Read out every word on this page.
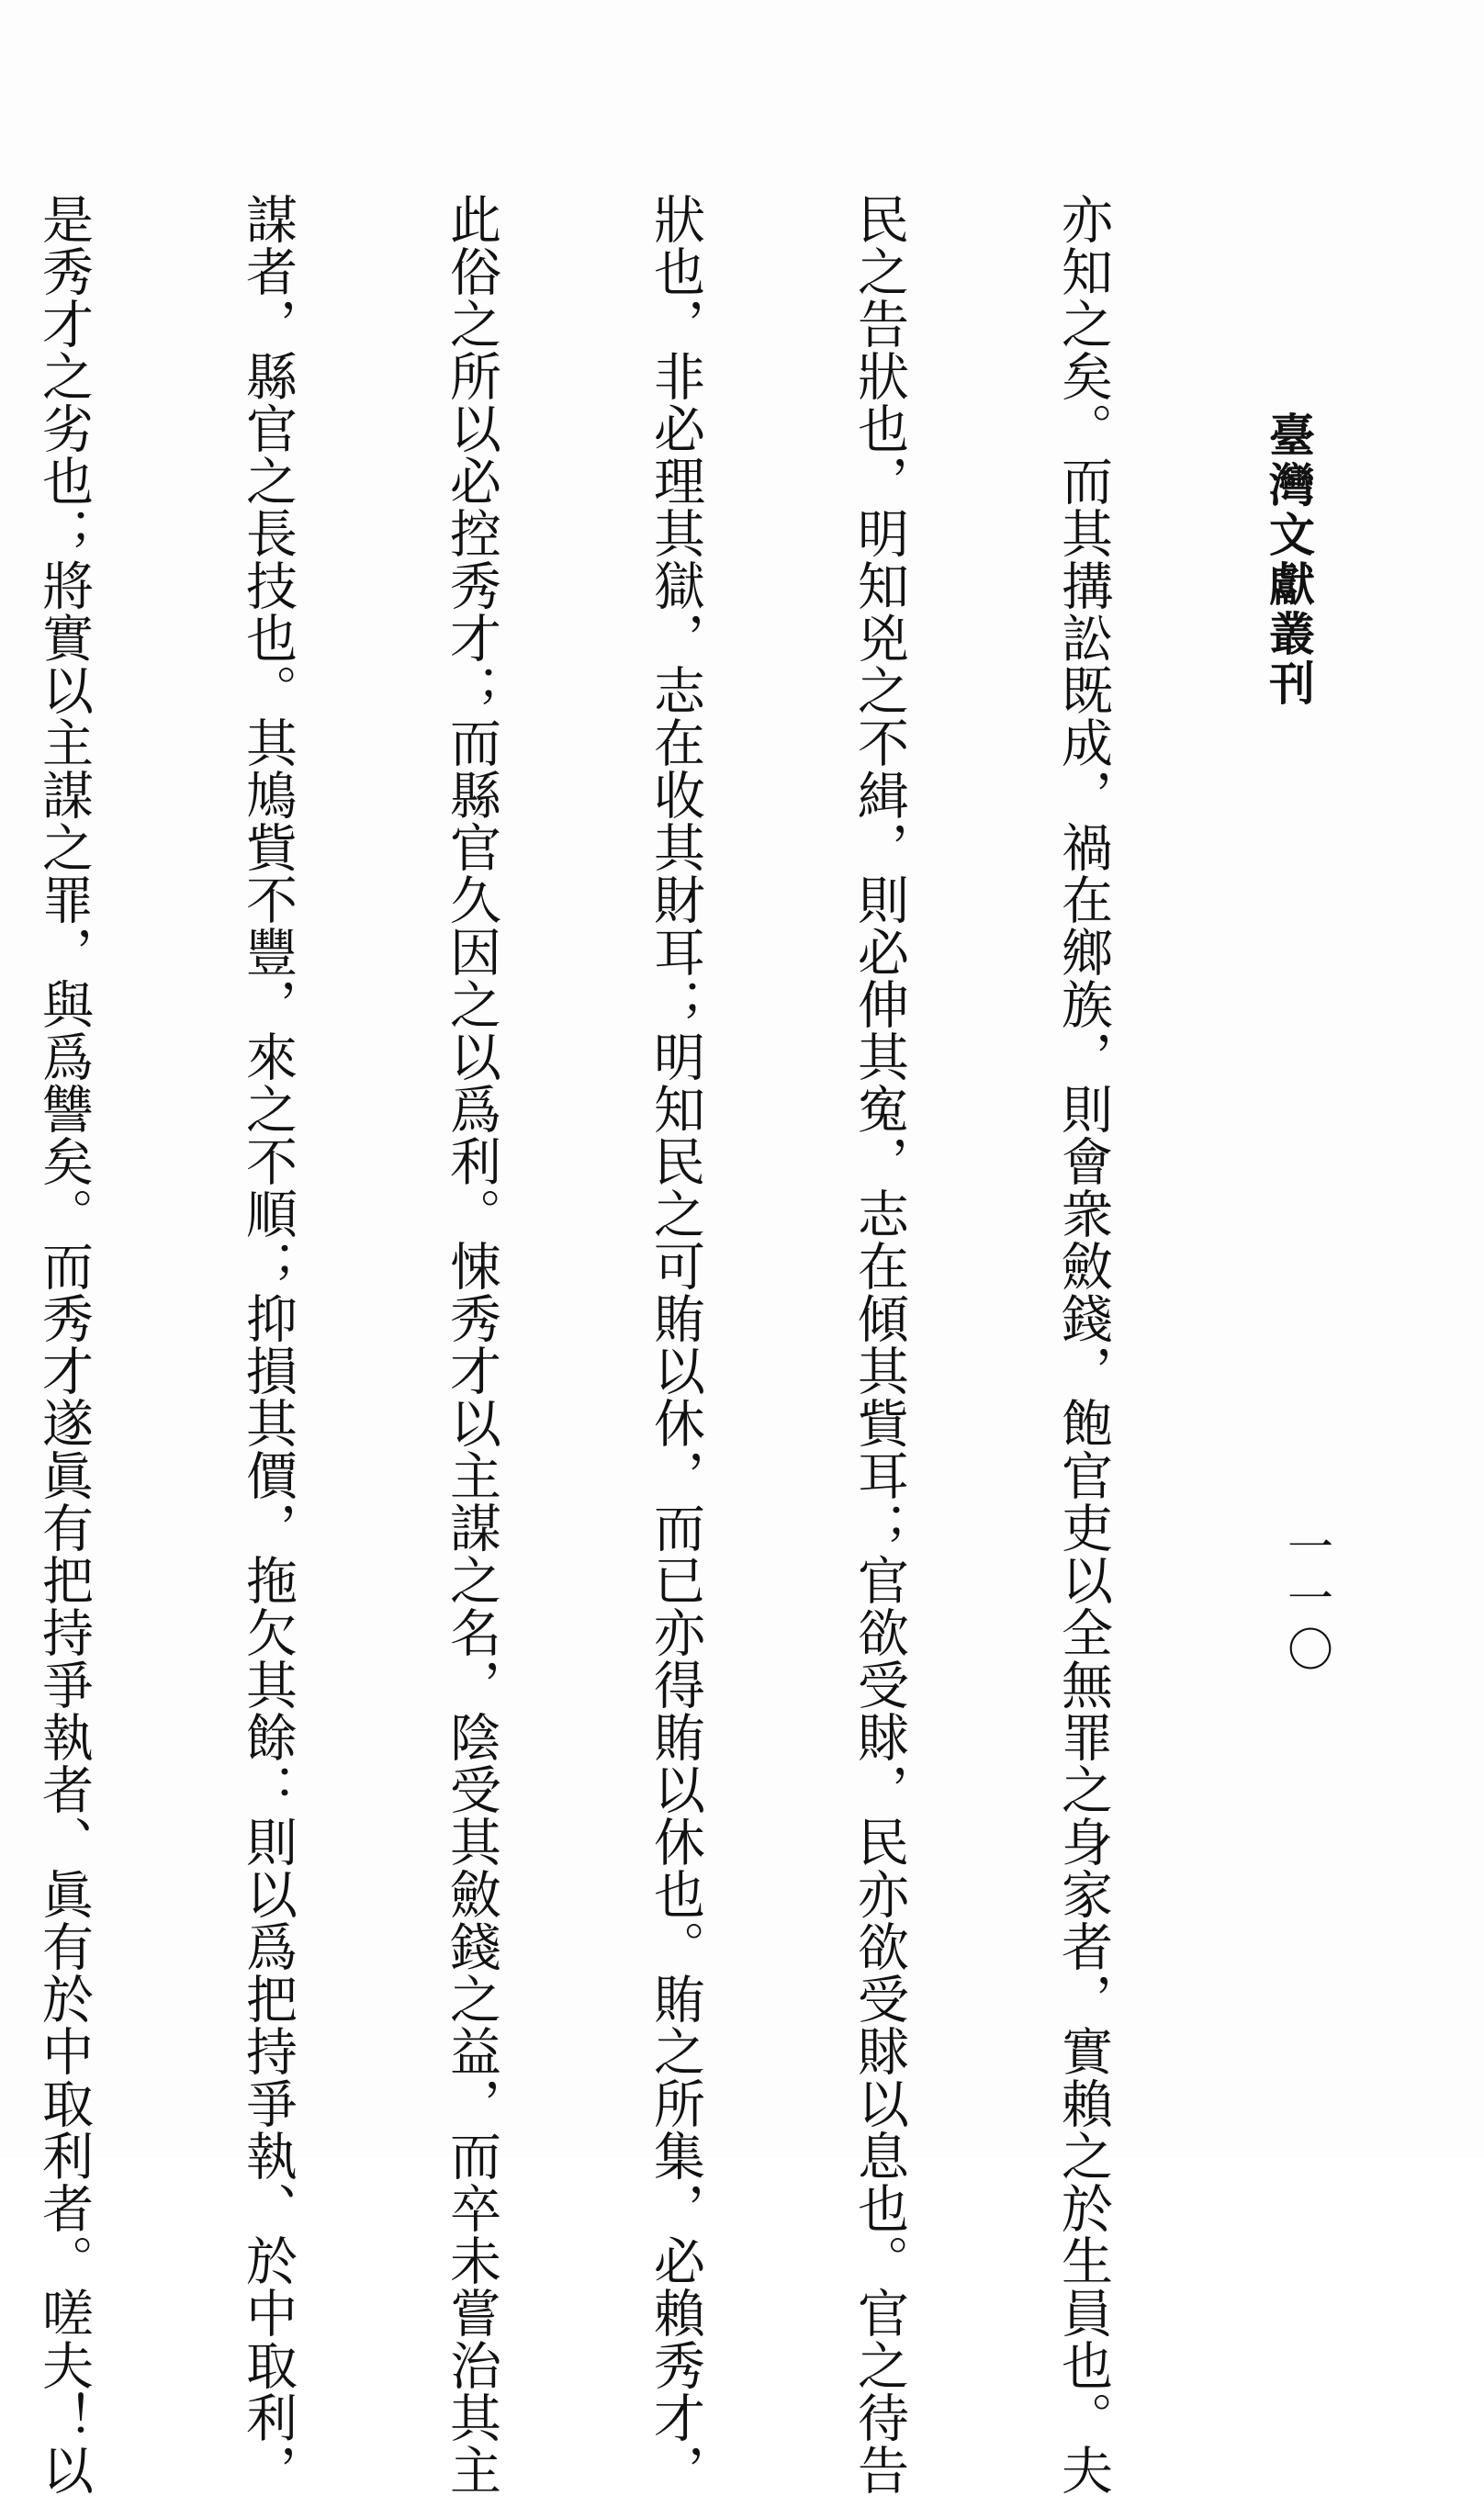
臺灣文獻叢刊
一一〇

亦知之矣。而其搆訟既成，禍在鄉族，則會衆斂錢，飽官吏以全無罪之身家者，實賴之於生員也。夫

民之告狀也，明知兇之不緝，則必伸其寃，志在傾其貲耳；官欲受賕，民亦欲受賕以息也。官之待告

狀也，非必理其獄，志在收其財耳；明知民之可賄以休，而已亦得賄以休也。賄之所集，必賴秀才，

此俗之所以必控秀才；而縣官久因之以爲利。悚秀才以主謀之名，陰受其斂錢之益，而卒未嘗治其主

謀者，縣官之長技也。其鳩貲不豐，來之不順；抑損其價，拖欠其餘：則以爲把持爭執、於中取利，

是秀才之劣也；將實以主謀之罪，與爲讐矣。而秀才遂眞有把持爭執者、眞有於中取利者。嗟夫！以
